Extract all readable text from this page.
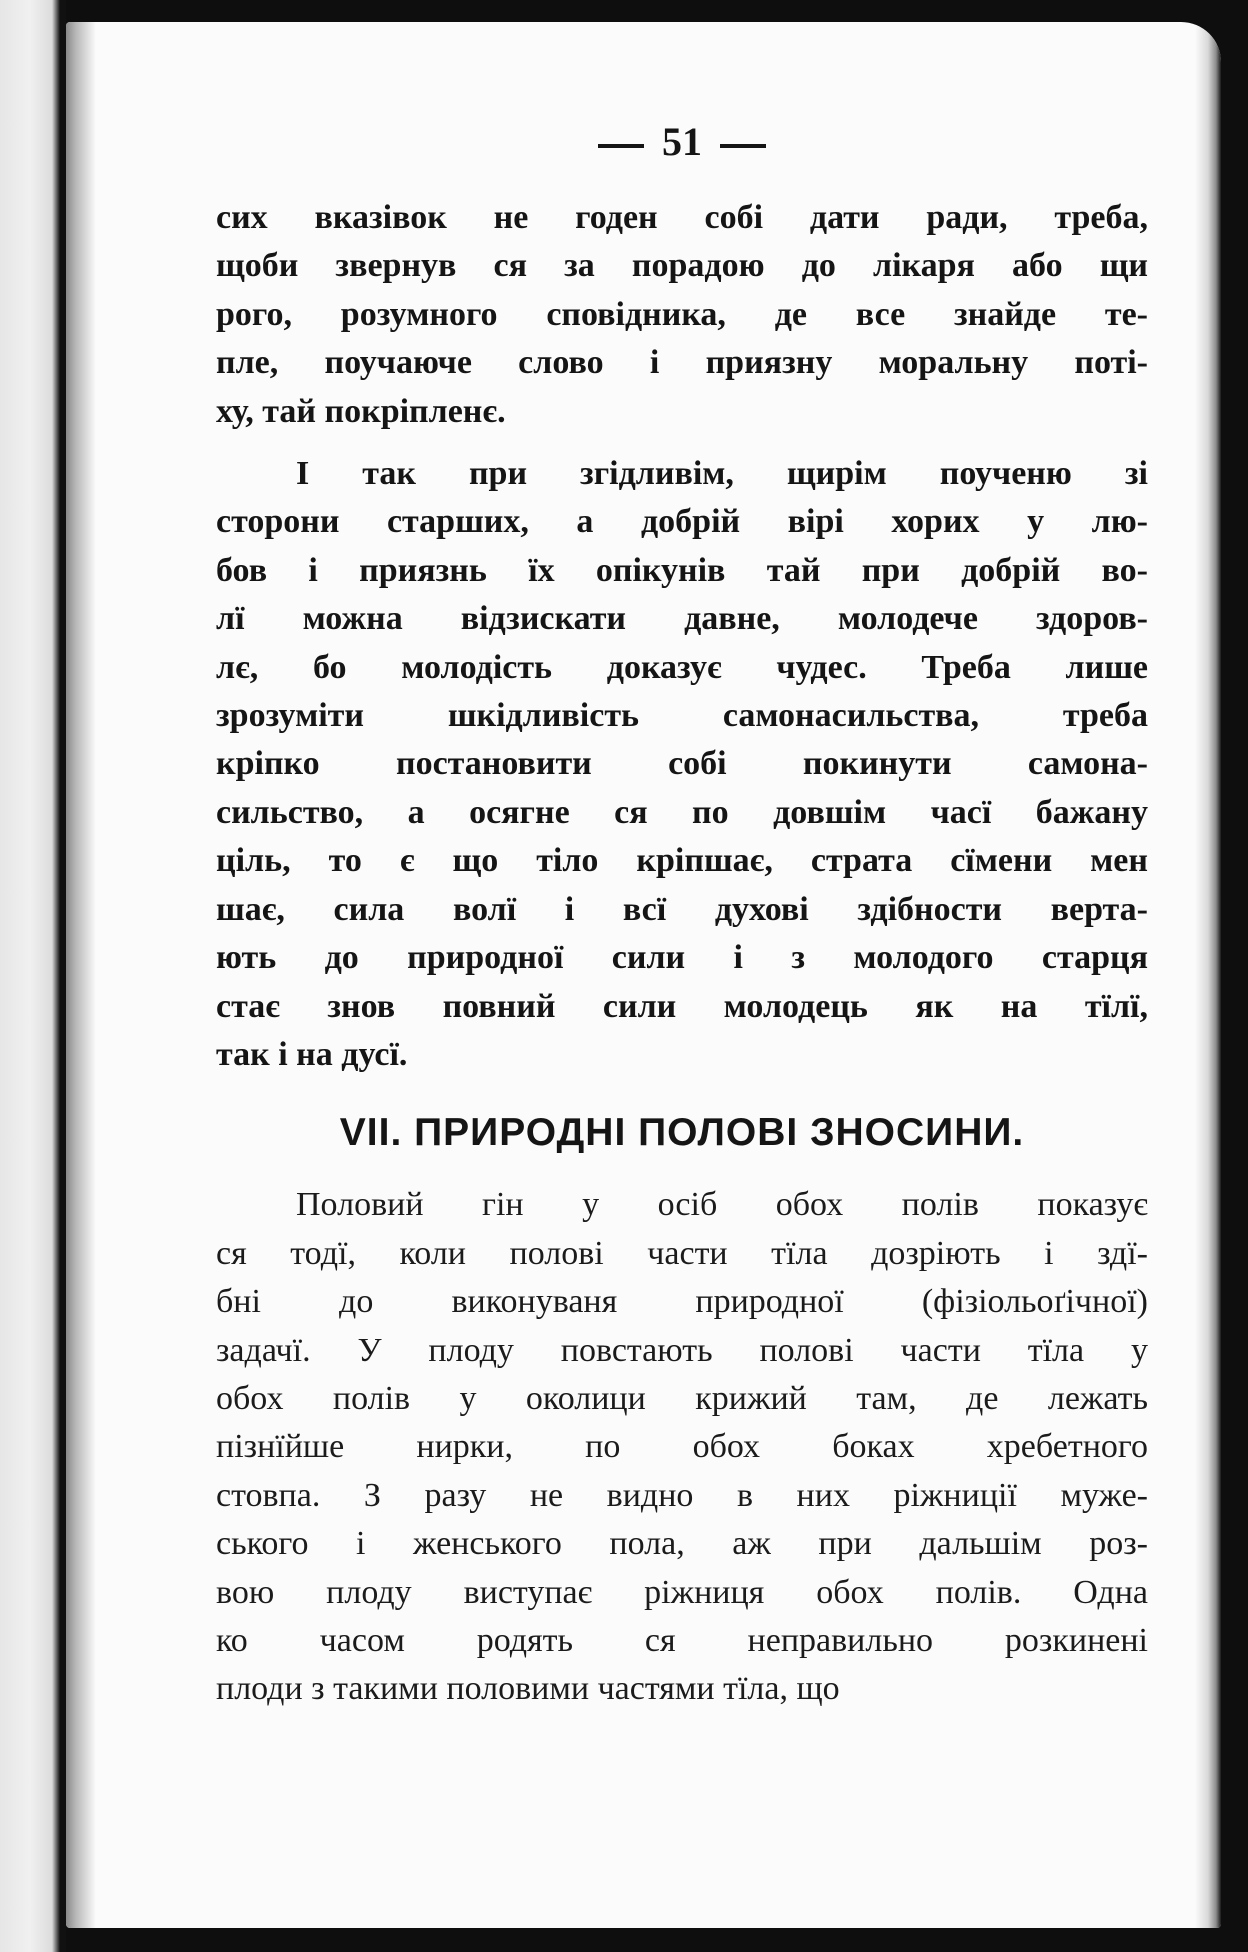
51

сих вказівок не годен собі дати ради, треба,
щоби звернув ся за порадою до лікаря або щи
рого, розумного сповідника, де все знайде те-
пле, поучаюче слово і приязну моральну поті-
ху, тай покріпленє.

І так при згідливім, щирім поученю зі
сторони старших, а добрій вірі хорих у лю-
бов і приязнь їх опікунів тай при добрій во-
лї можна відзискати давне, молодече здоров-
лє, бо молодість доказує чудес. Треба лише
зрозуміти шкідливість самонасильства, треба
кріпко постановити собі покинути самона-
сильство, а осягне ся по довшім часї бажану
ціль, то є що тіло кріпшає, страта сїмени мен
шає, сила волї і всї духові здібности верта-
ють до природної сили і з молодого старця
стає знов повний сили молодець як на тїлї,
так і на дусї.

VII. ПРИРОДНІ ПОЛОВІ ЗНОСИНИ.

Половий гін у осіб обох полів показує
ся тодї, коли полові части тїла дозріють і здї-
бні до виконуваня природної (фізіольоґічної)
задачї. У плоду повстають полові части тїла у
обох полів у околици крижий там, де лежать
пізнїйше нирки, по обох боках хребетного
стовпа. З разу не видно в них ріжниції муже-
ського і женського пола, аж при дальшім роз-
вою плоду виступає ріжниця обох полів. Одна
ко часом родять ся неправильно розкинені
плоди з такими половими частями тїла, що
